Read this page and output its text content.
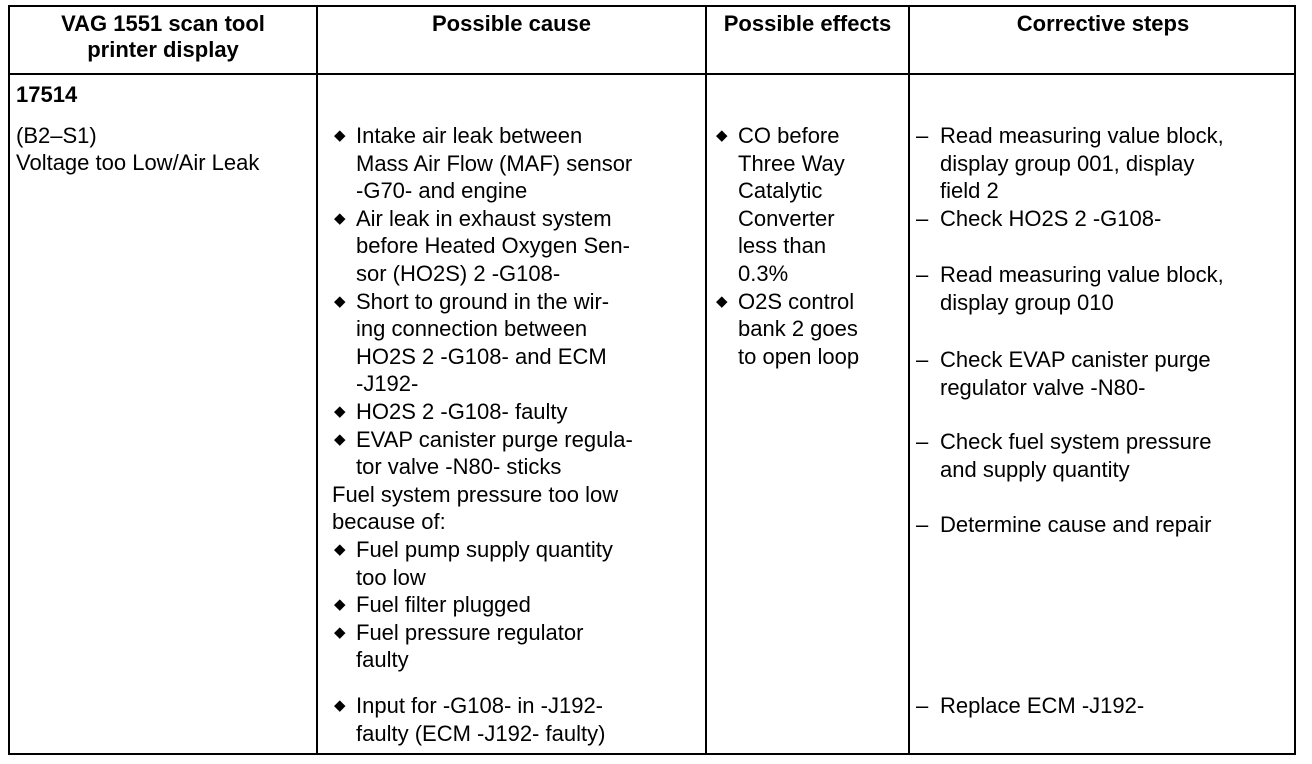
VAG 1551 scan tool
printer display
Possible cause	Possible effects	Corrective steps
17514
(B2–S1)
Voltage too Low/Air Leak
◆ Intake air leak between
Mass Air Flow (MAF) sensor
-G70- and engine
◆ Air leak in exhaust system
before Heated Oxygen Sen-
sor (HO2S) 2 -G108-
◆ Short to ground in the wir-
ing connection between
HO2S 2 -G108- and ECM
-J192-
◆ HO2S 2 -G108- faulty
◆ EVAP canister purge regula-
tor valve -N80- sticks
Fuel system pressure too low
because of:
◆ Fuel pump supply quantity
too low
◆ Fuel filter plugged
◆ Fuel pressure regulator
faulty
◆ Input for -G108- in -J192-
faulty (ECM -J192- faulty)
◆ CO before
Three Way
Catalytic
Converter
less than
0.3%
◆ O2S control
bank 2 goes
to open loop
– Read measuring value block,
display group 001, display
field 2
– Check HO2S 2 -G108-
– Read measuring value block,
display group 010
– Check EVAP canister purge
regulator valve -N80-
– Check fuel system pressure
and supply quantity
– Determine cause and repair
– Replace ECM -J192-
